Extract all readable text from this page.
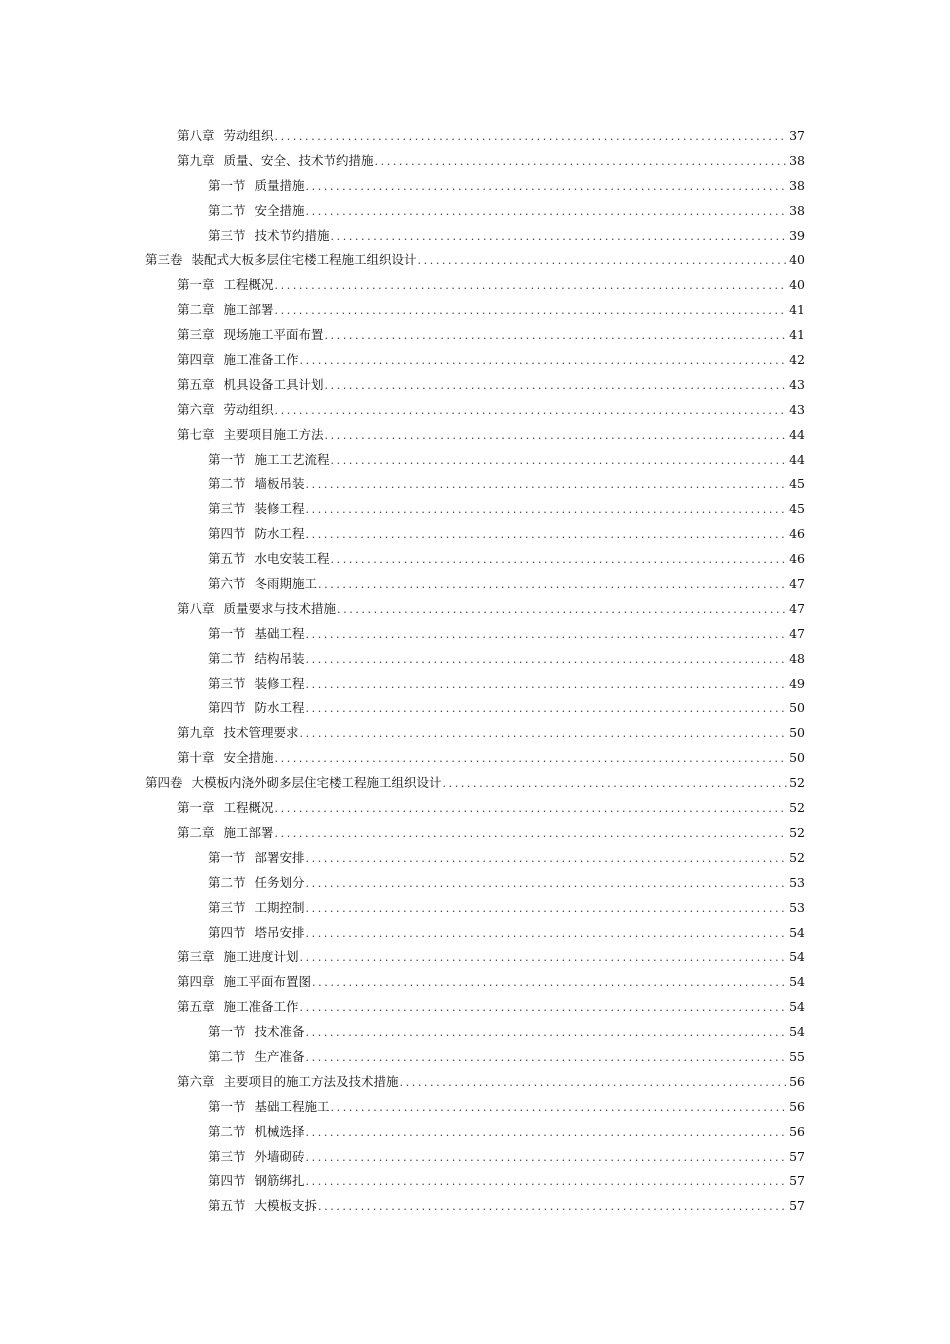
第八章 劳动组织 .....	37
第九章 质量、安全、技术节约措施 .....	38
第一节 质量措施 .....	38
第二节 安全措施 .....	38
第三节 技术节约措施 .....	39
第三卷 装配式大板多层住宅楼工程施工组织设计 .....	40
第一章 工程概况 .....	40
第二章 施工部署 .....	41
第三章 现场施工平面布置 .....	41
第四章 施工准备工作 .....	42
第五章 机具设备工具计划 .....	43
第六章 劳动组织 .....	43
第七章 主要项目施工方法 .....	44
第一节 施工工艺流程 .....	44
第二节 墙板吊装 .....	45
第三节 装修工程 .....	45
第四节 防水工程 .....	46
第五节 水电安装工程 .....	46
第六节 冬雨期施工 .....	47
第八章 质量要求与技术措施 .....	47
第一节 基础工程 .....	47
第二节 结构吊装 .....	48
第三节 装修工程 .....	49
第四节 防水工程 .....	50
第九章 技术管理要求 .....	50
第十章 安全措施 .....	50
第四卷 大模板内浇外砌多层住宅楼工程施工组织设计 .....	52
第一章 工程概况 .....	52
第二章 施工部署 .....	52
第一节 部署安排 .....	52
第二节 任务划分 .....	53
第三节 工期控制 .....	53
第四节 塔吊安排 .....	54
第三章 施工进度计划 .....	54
第四章 施工平面布置图 .....	54
第五章 施工准备工作 .....	54
第一节 技术准备 .....	54
第二节 生产准备 .....	55
第六章 主要项目的施工方法及技术措施 .....	56
第一节 基础工程施工 .....	56
第二节 机械选择 .....	56
第三节 外墙砌砖 .....	57
第四节 钢筋绑扎 .....	57
第五节 大模板支拆 .....	57
